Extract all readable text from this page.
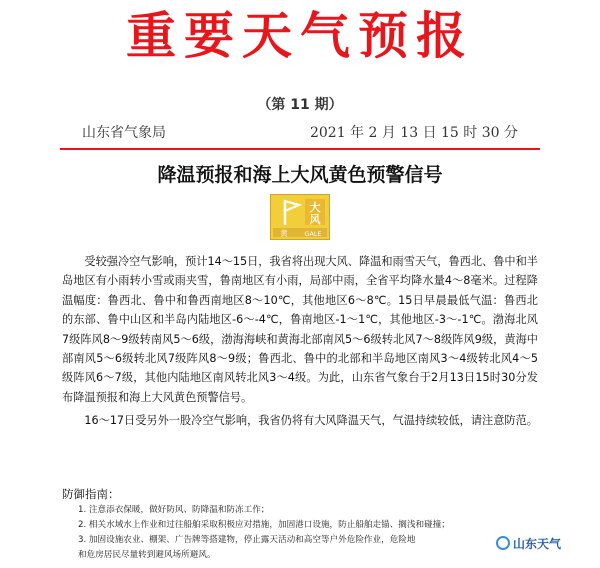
重要天气预报
（第 11 期）
山东省气象局	2021 年 2 月 13 日 15 时 30 分
降温预报和海上大风黄色预警信号
大
风
黄	GALE

受较强冷空气影响，预计14～15日，我省将出现大风、降温和雨雪天气，鲁西北、鲁中和半岛地区有小雨转小雪或雨夹雪，鲁南地区有小雨，局部中雨，全省平均降水量4～8毫米。过程降温幅度：鲁西北、鲁中和鲁西南地区8～10℃，其他地区6～8℃。15日早晨最低气温：鲁西北的东部、鲁中山区和半岛内陆地区-6～-4℃，鲁南地区-1～1℃，其他地区-3～-1℃。渤海北风7级阵风8～9级转南风5～6级，渤海海峡和黄海北部南风5～6级转北风7～8级阵风9级，黄海中部南风5～6级转北风7级阵风8～9级；鲁西北、鲁中的北部和半岛地区南风3～4级转北风4～5级阵风6～7级，其他内陆地区南风转北风3～4级。为此，山东省气象台于2月13日15时30分发布降温预报和海上大风黄色预警信号。

16～17日受另外一股冷空气影响，我省仍将有大风降温天气，气温持续较低，请注意防范。

防御指南：
1. 注意添衣保暖，做好防风、防降温和防冻工作；
2. 相关水域水上作业和过往船舶采取积极应对措施，加固港口设施，防止船舶走锚、搁浅和碰撞；
3. 加固设施农业、棚架、广告牌等搭建物，停止露天活动和高空等户外危险作业，危险地
和危房居民尽量转到避风场所避风。
山东天气
